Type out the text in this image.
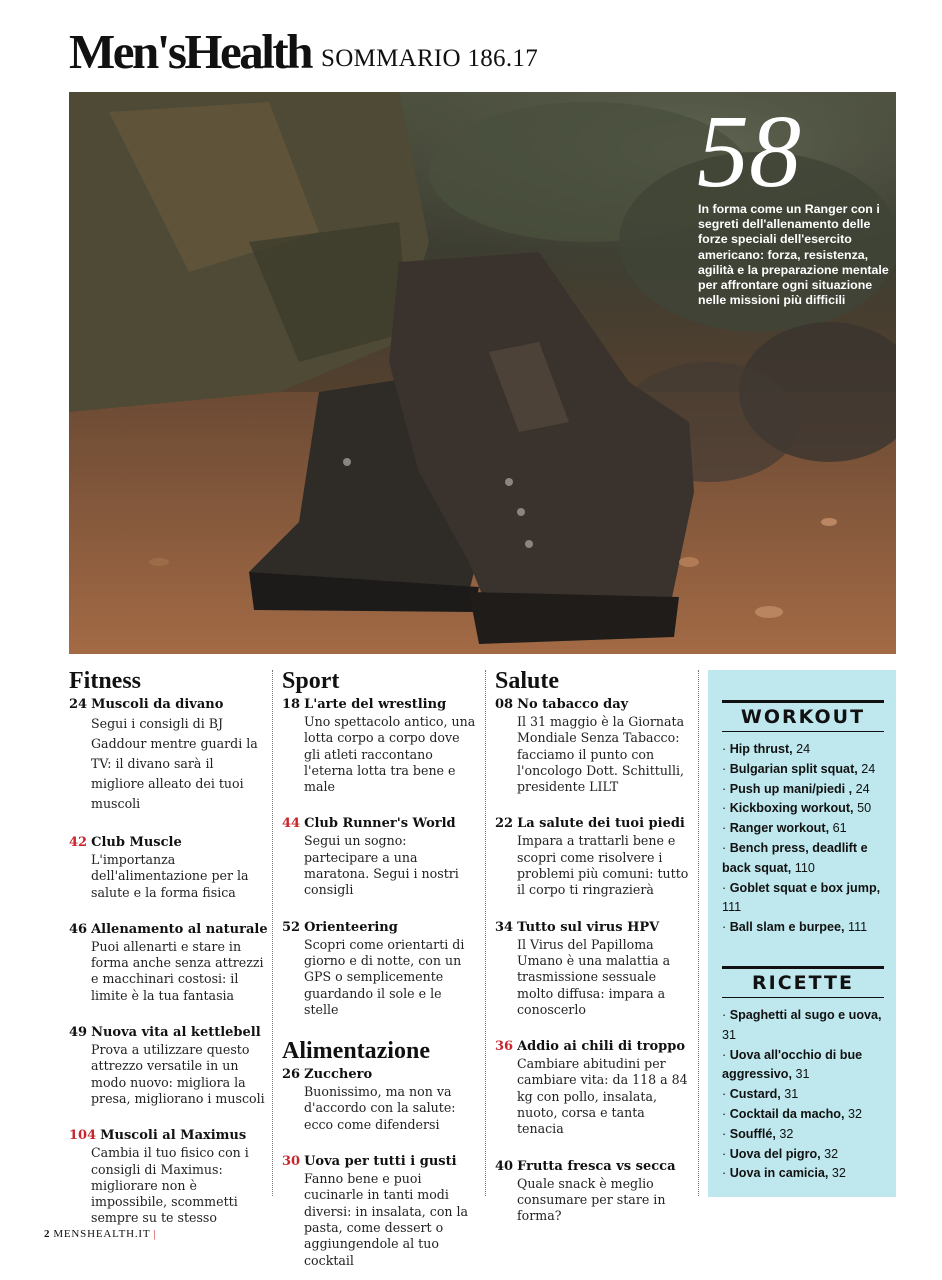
Men'sHealth SOMMARIO 186.17
58
In forma come un Ranger con i segreti dell'allenamento delle forze speciali dell'esercito americano: forza, resistenza, agilità e la preparazione mentale per affrontare ogni situazione nelle missioni più difficili
Fitness
24 Muscoli da divano
Segui i consigli di BJ Gaddour mentre guardi la TV: il divano sarà il migliore alleato dei tuoi muscoli
42 Club Muscle
L'importanza dell'alimentazione per la salute e la forma fisica
46 Allenamento al naturale
Puoi allenarti e stare in forma anche senza attrezzi e macchinari costosi: il limite è la tua fantasia
49 Nuova vita al kettlebell
Prova a utilizzare questo attrezzo versatile in un modo nuovo: migliora la presa, migliorano i muscoli
104 Muscoli al Maximus
Cambia il tuo fisico con i consigli di Maximus: migliorare non è impossibile, scommetti sempre su te stesso
Sport
18 L'arte del wrestling
Uno spettacolo antico, una lotta corpo a corpo dove gli atleti raccontano l'eterna lotta tra bene e male
44 Club Runner's World
Segui un sogno: partecipare a una maratona. Segui i nostri consigli
52 Orienteering
Scopri come orientarti di giorno e di notte, con un GPS o semplicemente guardando il sole e le stelle
Alimentazione
26 Zucchero
Buonissimo, ma non va d'accordo con la salute: ecco come difendersi
30 Uova per tutti i gusti
Fanno bene e puoi cucinarle in tanti modi diversi: in insalata, con la pasta, come dessert o aggiungendole al tuo cocktail
Salute
08 No tabacco day
Il 31 maggio è la Giornata Mondiale Senza Tabacco: facciamo il punto con l'oncologo Dott. Schittulli, presidente LILT
22 La salute dei tuoi piedi
Impara a trattarli bene e scopri come risolvere i problemi più comuni: tutto il corpo ti ringrazierà
34 Tutto sul virus HPV
Il Virus del Papilloma Umano è una malattia a trasmissione sessuale molto diffusa: impara a conoscerlo
36 Addio ai chili di troppo
Cambiare abitudini per cambiare vita: da 118 a 84 kg con pollo, insalata, nuoto, corsa e tanta tenacia
40 Frutta fresca vs secca
Quale snack è meglio consumare per stare in forma?
WORKOUT
· Hip thrust, 24
· Bulgarian split squat, 24
· Push up mani/piedi , 24
· Kickboxing workout, 50
· Ranger workout, 61
· Bench press, deadlift e back squat, 110
· Goblet squat e box jump, 111
· Ball slam e burpee, 111
RICETTE
· Spaghetti al sugo e uova, 31
· Uova all'occhio di bue aggressivo, 31
· Custard, 31
· Cocktail da macho, 32
· Soufflé, 32
· Uova del pigro, 32
· Uova in camicia, 32
2 MENSHEALTH.IT |
